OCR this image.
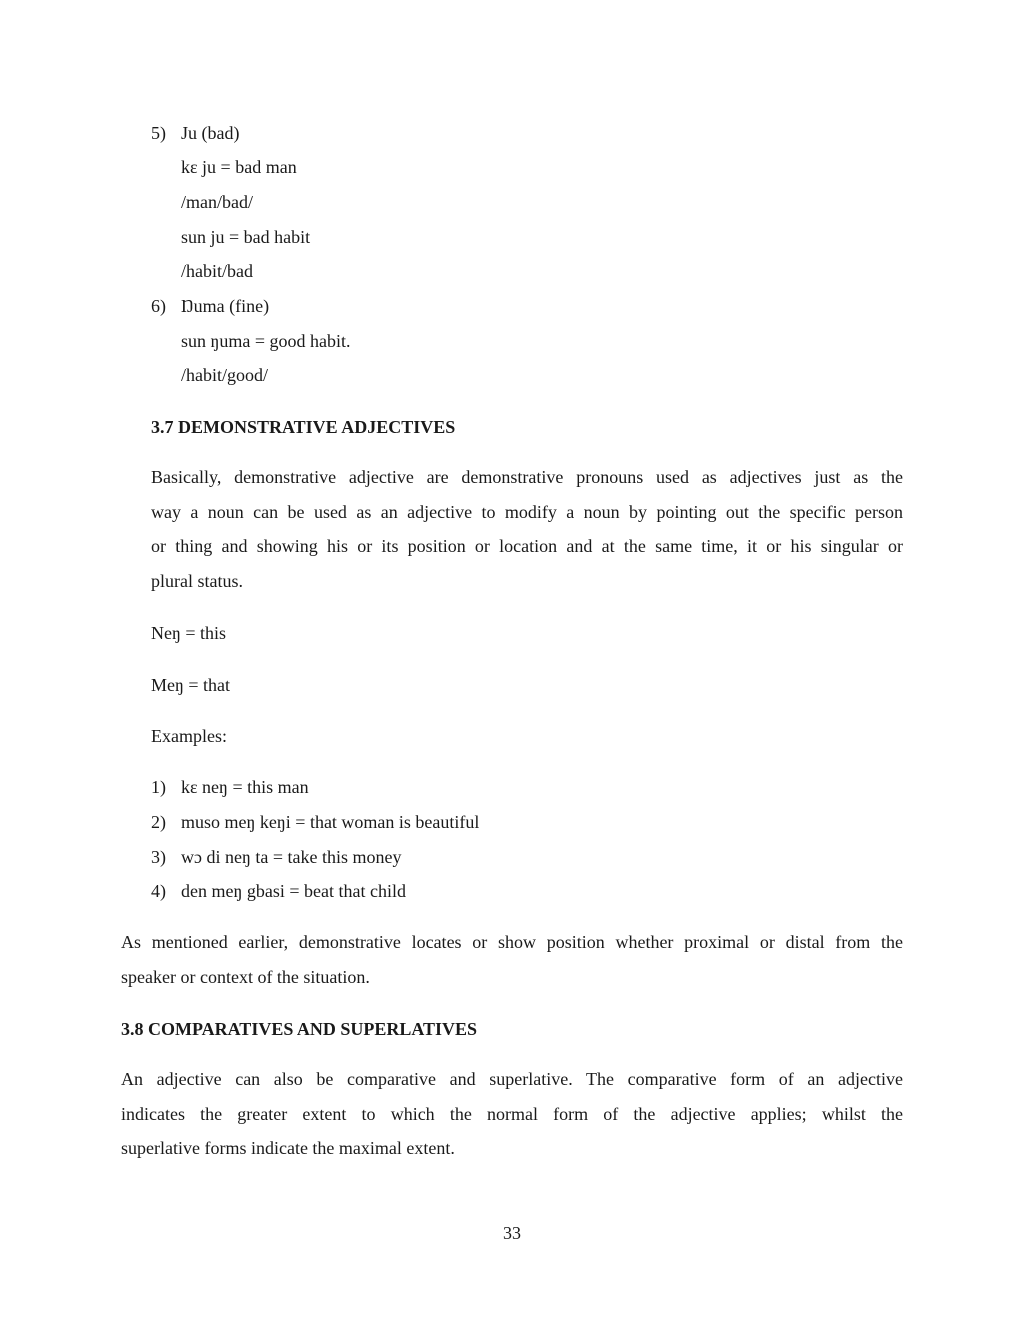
5) Ju (bad)
kɛ ju = bad man
/man/bad/
sun ju = bad habit
/habit/bad
6) Ŋuma (fine)
sun ŋuma = good habit.
/habit/good/
3.7 DEMONSTRATIVE ADJECTIVES
Basically, demonstrative adjective are demonstrative pronouns used as adjectives just as the
way a noun can be used as an adjective to modify a noun by pointing out the specific person
or thing and showing his or its position or location and at the same time, it or his singular or
plural status.
Neŋ = this
Meŋ = that
Examples:
1) kɛ neŋ = this man
2) muso meŋ keŋi = that woman is beautiful
3) wɔ di neŋ ta = take this money
4) den meŋ gbasi = beat that child
As mentioned earlier, demonstrative locates or show position whether proximal or distal from the
speaker or context of the situation.
3.8 COMPARATIVES AND SUPERLATIVES
An adjective can also be comparative and superlative. The comparative form of an adjective
indicates the greater extent to which the normal form of the adjective applies; whilst the
superlative forms indicate the maximal extent.
33
